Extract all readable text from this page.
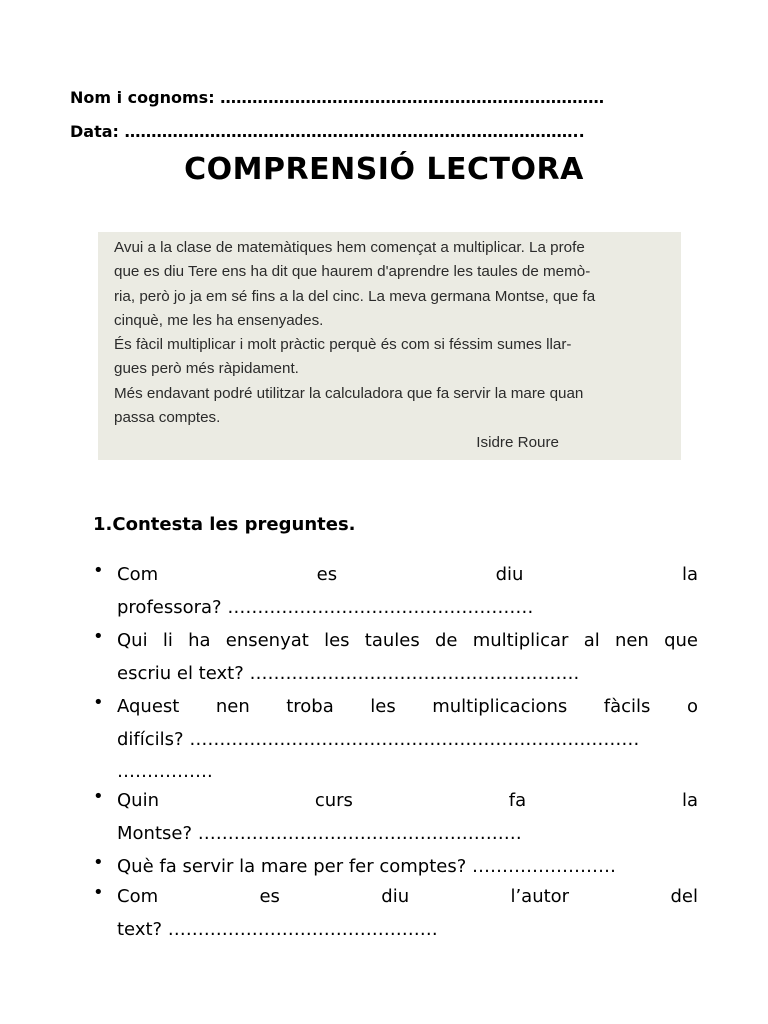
Nom i cognoms: ………………………………………………………………
Data: …………………………………………………………………………..
COMPRENSIÓ LECTORA
Avui a la clase de matemàtiques hem començat a multiplicar. La profe
que es diu Tere ens ha dit que haurem d'aprendre les taules de memò-
ria, però jo ja em sé fins a la del cinc. La meva germana Montse, que fa
cinquè, me les ha ensenyades.
És fàcil multiplicar i molt pràctic perquè és com si féssim sumes llar-
gues però més ràpidament.
Més endavant podré utilitzar la calculadora que fa servir la mare quan
passa comptes.
Isidre Roure
1.Contesta les preguntes.
• Com	es	diu	la
professora? ……………………………………………
• Qui li ha ensenyat les taules de multiplicar al nen que
escriu el text? ……………………………………………….
• Aquest nen troba les multiplicacions fàcils o
difícils? …………………………………………………………………
…………….
• Quin	curs	fa	la
Montse? ………………………………………………
• Què fa servir la mare per fer comptes? ……………………
• Com	es	diu	l’autor	del
text? ………………………………………
